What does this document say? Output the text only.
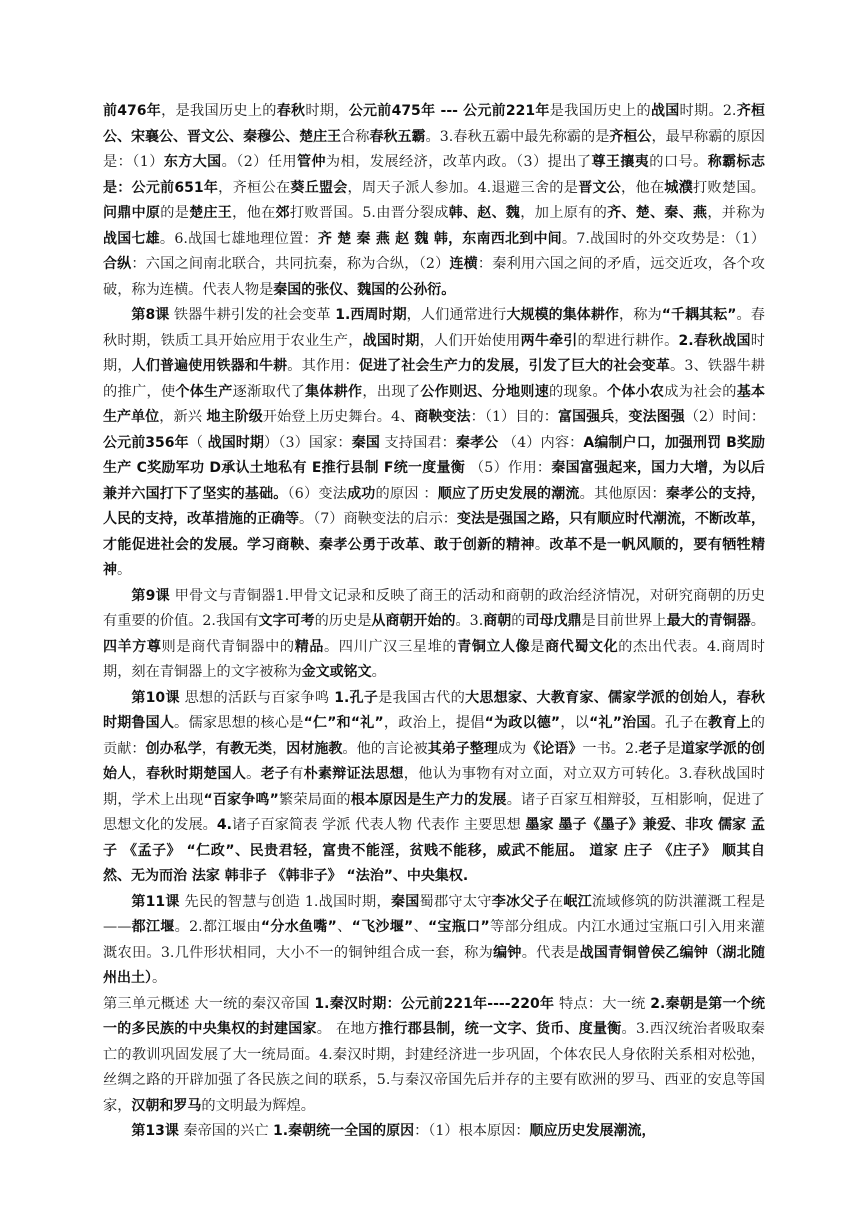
前476年，是我国历史上的春秋时期，公元前475年 --- 公元前221年是我国历史上的战国时期。2.齐桓公、宋襄公、晋文公、秦穆公、楚庄王合称春秋五霸。3.春秋五霸中最先称霸的是齐桓公，最早称霸的原因是：（1）东方大国。（2）任用管仲为相，发展经济，改革内政。（3）提出了尊王攘夷的口号。称霸标志是：公元前651年，齐桓公在葵丘盟会，周天子派人参加。4.退避三舍的是晋文公，他在城濮打败楚国。问鼎中原的是楚庄王，他在郊打败晋国。5.由晋分裂成韩、赵、魏，加上原有的齐、楚、秦、燕，并称为战国七雄。6.战国七雄地理位置：齐 楚 秦 燕 赵 魏 韩，东南西北到中间。7.战国时的外交攻势是：（1）合纵：六国之间南北联合，共同抗秦，称为合纵，（2）连横：秦利用六国之间的矛盾，远交近攻，各个攻破，称为连横。代表人物是秦国的张仪、魏国的公孙衍。

第8课 铁器牛耕引发的社会变革 1.西周时期，人们通常进行大规模的集体耕作，称为“千耦其耘”。春秋时期，铁质工具开始应用于农业生产，战国时期，人们开始使用两牛牵引的犁进行耕作。2.春秋战国时期，人们普遍使用铁器和牛耕。其作用：促进了社会生产力的发展，引发了巨大的社会变革。3、铁器牛耕的推广，使个体生产逐渐取代了集体耕作，出现了公作则迟、分地则速的现象。个体小农成为社会的基本生产单位，新兴 地主阶级开始登上历史舞台。4、商鞅变法：（1）目的：富国强兵，变法图强（2）时间：公元前356年（ 战国时期）（3）国家：秦国 支持国君：秦孝公 （4）内容：A编制户口，加强刑罚 B奖励生产 C奖励军功 D承认土地私有 E推行县制 F统一度量衡 （5）作用：秦国富强起来，国力大增，为以后兼并六国打下了坚实的基础。（6）变法成功的原因 ：顺应了历史发展的潮流。其他原因：秦孝公的支持，人民的支持，改革措施的正确等。（7）商鞅变法的启示：变法是强国之路，只有顺应时代潮流，不断改革，才能促进社会的发展。学习商鞅、秦孝公勇于改革、敢于创新的精神。改革不是一帆风顺的，要有牺牲精神。

第9课 甲骨文与青铜器1.甲骨文记录和反映了商王的活动和商朝的政治经济情况，对研究商朝的历史有重要的价值。2.我国有文字可考的历史是从商朝开始的。3.商朝的司母戊鼎是目前世界上最大的青铜器。四羊方尊则是商代青铜器中的精品。四川广汉三星堆的青铜立人像是商代蜀文化的杰出代表。4.商周时期，刻在青铜器上的文字被称为金文或铭文。

第10课 思想的活跃与百家争鸣 1.孔子是我国古代的大思想家、大教育家、儒家学派的创始人，春秋时期鲁国人。儒家思想的核心是“仁”和“礼”，政治上，提倡“为政以德”，以“礼”治国。孔子在教育上的贡献：创办私学，有教无类，因材施教。他的言论被其弟子整理成为《论语》一书。2.老子是道家学派的创始人，春秋时期楚国人。老子有朴素辩证法思想，他认为事物有对立面，对立双方可转化。3.春秋战国时期，学术上出现“百家争鸣”繁荣局面的根本原因是生产力的发展。诸子百家互相辩驳，互相影响，促进了思想文化的发展。4.诸子百家简表 学派 代表人物 代表作 主要思想 墨家 墨子《墨子》兼爱、非攻 儒家 孟子 《孟子》 “仁政”、民贵君轻，富贵不能淫，贫贱不能移，威武不能屈。 道家 庄子 《庄子》 顺其自然、无为而治 法家 韩非子 《韩非子》 “法治”、中央集权.

第11课 先民的智慧与创造 1.战国时期，秦国蜀郡守太守李冰父子在岷江流域修筑的防洪灌溉工程是——都江堰。2.都江堰由“分水鱼嘴”、“飞沙堰”、“宝瓶口”等部分组成。内江水通过宝瓶口引入用来灌溉农田。3.几件形状相同，大小不一的铜钟组合成一套，称为编钟。代表是战国青铜曾侯乙编钟（湖北随州出土）。

第三单元概述 大一统的秦汉帝国 1.秦汉时期：公元前221年----220年 特点：大一统 2.秦朝是第一个统一的多民族的中央集权的封建国家。 在地方推行郡县制，统一文字、货币、度量衡。3.西汉统治者吸取秦亡的教训巩固发展了大一统局面。4.秦汉时期，封建经济进一步巩固，个体农民人身依附关系相对松弛，丝绸之路的开辟加强了各民族之间的联系，5.与秦汉帝国先后并存的主要有欧洲的罗马、西亚的安息等国家，汉朝和罗马的文明最为辉煌。

第13课 秦帝国的兴亡 1.秦朝统一全国的原因：（1）根本原因：顺应历史发展潮流，
